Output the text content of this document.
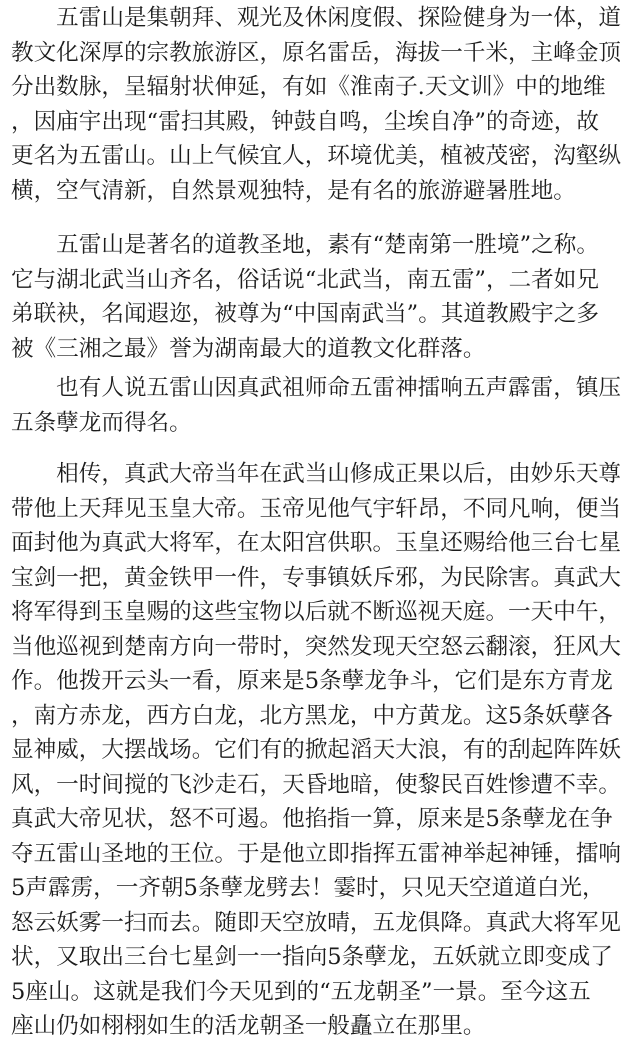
　　五雷山是集朝拜、观光及休闲度假、探险健身为一体，道
教文化深厚的宗教旅游区，原名雷岳，海拔一千米，主峰金顶
分出数脉，呈辐射状伸延，有如《淮南子.天文训》中的地维
，因庙宇出现“雷扫其殿，钟鼓自鸣，尘埃自净”的奇迹，故
更名为五雷山。山上气候宜人，环境优美，植被茂密，沟壑纵
横，空气清新，自然景观独特，是有名的旅游避暑胜地。
　　五雷山是著名的道教圣地，素有“楚南第一胜境”之称。
它与湖北武当山齐名，俗话说“北武当，南五雷”，二者如兄
弟联袂，名闻遐迩，被尊为“中国南武当”。其道教殿宇之多
被《三湘之最》誉为湖南最大的道教文化群落。
　　也有人说五雷山因真武祖师命五雷神擂响五声霹雷，镇压
五条孽龙而得名。
　　相传，真武大帝当年在武当山修成正果以后，由妙乐天尊
带他上天拜见玉皇大帝。玉帝见他气宇轩昂，不同凡响，便当
面封他为真武大将军，在太阳宫供职。玉皇还赐给他三台七星
宝剑一把，黄金铁甲一件，专事镇妖斥邪，为民除害。真武大
将军得到玉皇赐的这些宝物以后就不断巡视天庭。一天中午，
当他巡视到楚南方向一带时，突然发现天空怒云翻滚，狂风大
作。他拨开云头一看，原来是5条孽龙争斗，它们是东方青龙
，南方赤龙，西方白龙，北方黑龙，中方黄龙。这5条妖孽各
显神威，大摆战场。它们有的掀起滔天大浪，有的刮起阵阵妖
风，一时间搅的飞沙走石，天昏地暗，使黎民百姓惨遭不幸。
真武大帝见状，怒不可遏。他掐指一算，原来是5条孽龙在争
夺五雷山圣地的王位。于是他立即指挥五雷神举起神锤，擂响
5声霹雳，一齐朝5条孽龙劈去！霎时，只见天空道道白光，
怒云妖雾一扫而去。随即天空放晴，五龙俱降。真武大将军见
状，又取出三台七星剑一一指向5条孽龙，五妖就立即变成了
5座山。这就是我们今天见到的“五龙朝圣”一景。至今这五
座山仍如栩栩如生的活龙朝圣一般矗立在那里。
